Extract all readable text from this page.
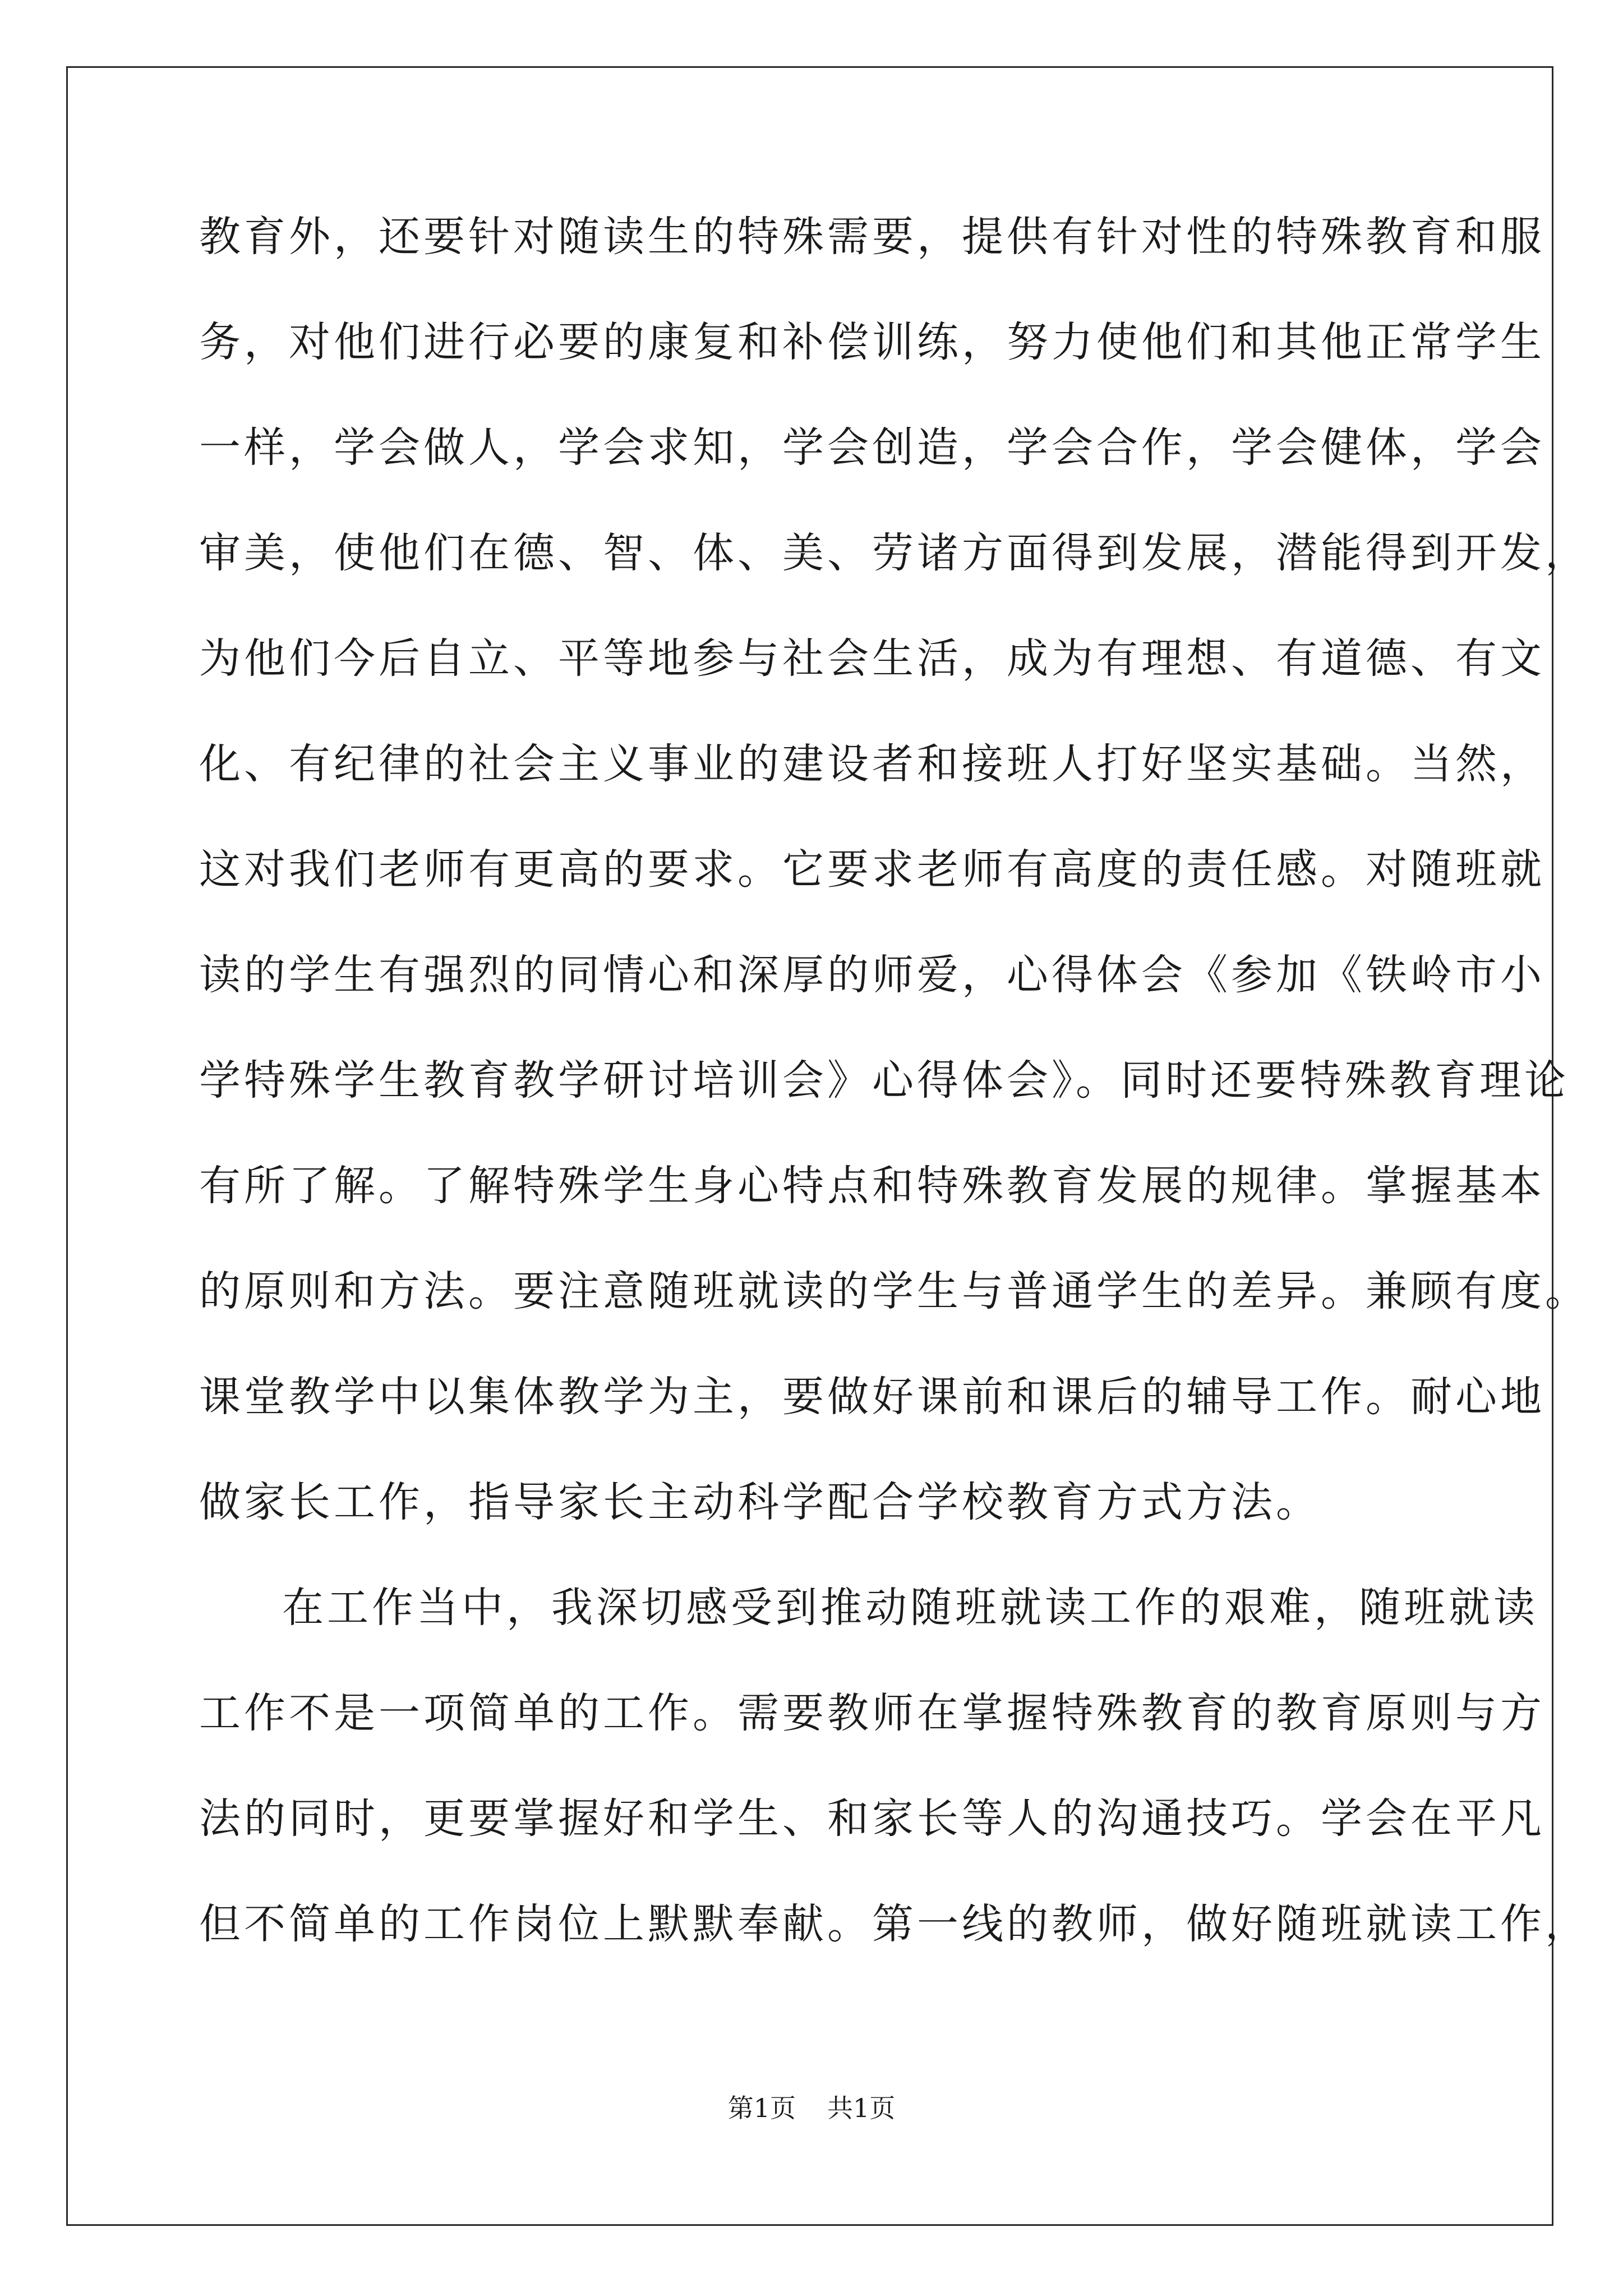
教育外，还要针对随读生的特殊需要，提供有针对性的特殊教育和服
务，对他们进行必要的康复和补偿训练，努力使他们和其他正常学生
一样，学会做人，学会求知，学会创造，学会合作，学会健体，学会
审美，使他们在德、智、体、美、劳诸方面得到发展，潜能得到开发，
为他们今后自立、平等地参与社会生活，成为有理想、有道德、有文
化、有纪律的社会主义事业的建设者和接班人打好坚实基础。当然，
这对我们老师有更高的要求。它要求老师有高度的责任感。对随班就
读的学生有强烈的同情心和深厚的师爱，心得体会《参加《铁岭市小
学特殊学生教育教学研讨培训会》心得体会》。同时还要特殊教育理论
有所了解。了解特殊学生身心特点和特殊教育发展的规律。掌握基本
的原则和方法。要注意随班就读的学生与普通学生的差异。兼顾有度。
课堂教学中以集体教学为主，要做好课前和课后的辅导工作。耐心地
做家长工作，指导家长主动科学配合学校教育方式方法。
在工作当中，我深切感受到推动随班就读工作的艰难，随班就读
工作不是一项简单的工作。需要教师在掌握特殊教育的教育原则与方
法的同时，更要掌握好和学生、和家长等人的沟通技巧。学会在平凡
但不简单的工作岗位上默默奉献。第一线的教师，做好随班就读工作，
第1页 共1页
